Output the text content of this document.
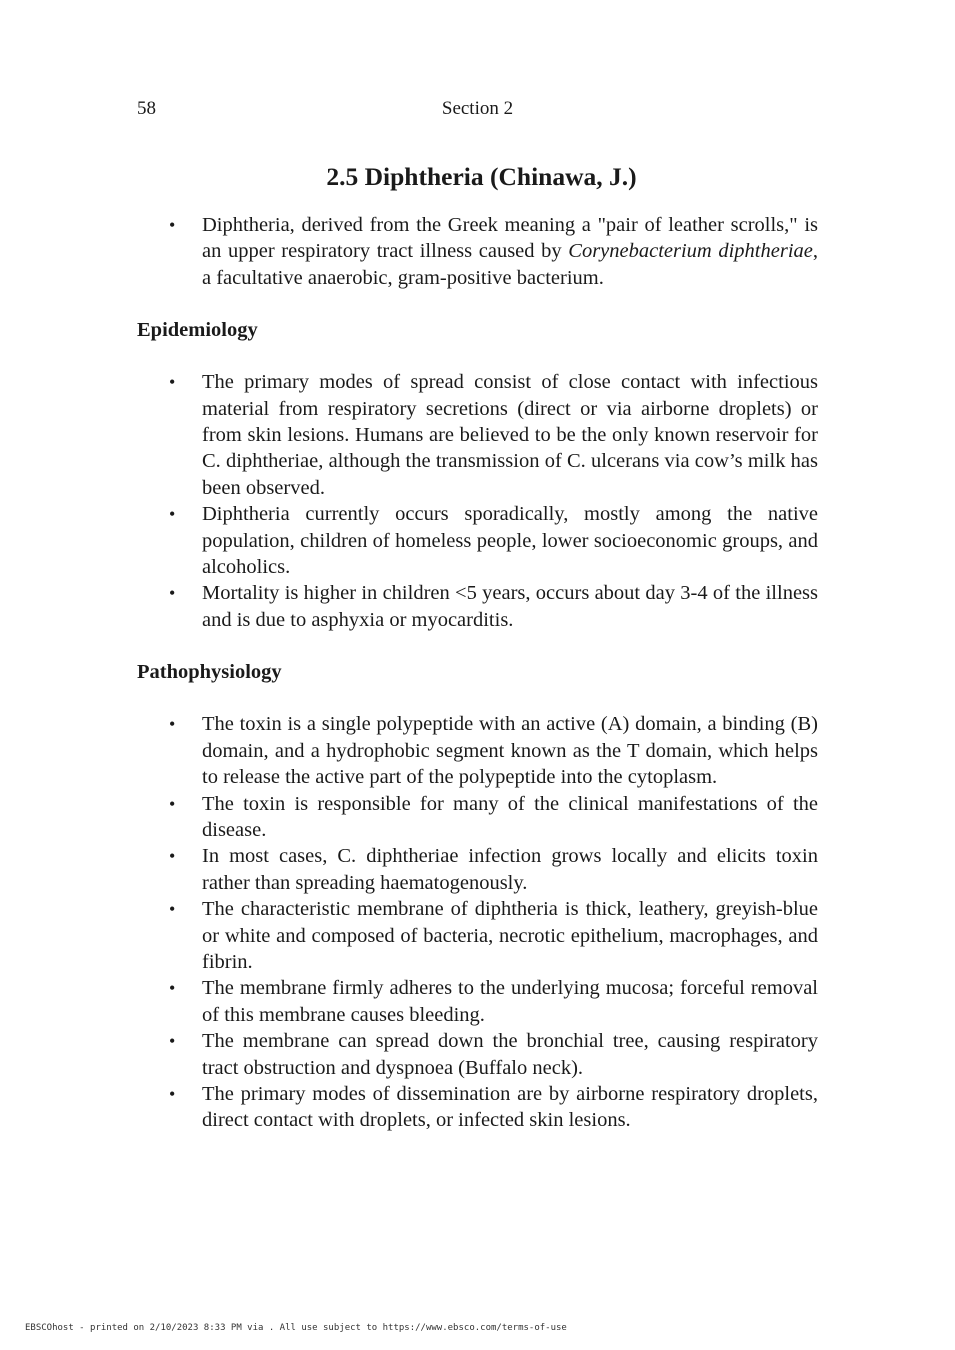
58	Section 2
2.5 Diphtheria (Chinawa, J.)
• Diphtheria, derived from the Greek meaning a "pair of leather scrolls," is an upper respiratory tract illness caused by Corynebacterium diphtheriae, a facultative anaerobic, gram-positive bacterium.
Epidemiology
• The primary modes of spread consist of close contact with infectious material from respiratory secretions (direct or via airborne droplets) or from skin lesions. Humans are believed to be the only known reservoir for C. diphtheriae, although the transmission of C. ulcerans via cow’s milk has been observed.
• Diphtheria currently occurs sporadically, mostly among the native population, children of homeless people, lower socioeconomic groups, and alcoholics.
• Mortality is higher in children <5 years, occurs about day 3-4 of the illness and is due to asphyxia or myocarditis.
Pathophysiology
• The toxin is a single polypeptide with an active (A) domain, a binding (B) domain, and a hydrophobic segment known as the T domain, which helps to release the active part of the polypeptide into the cytoplasm.
• The toxin is responsible for many of the clinical manifestations of the disease.
• In most cases, C. diphtheriae infection grows locally and elicits toxin rather than spreading haematogenously.
• The characteristic membrane of diphtheria is thick, leathery, greyish-blue or white and composed of bacteria, necrotic epithelium, macrophages, and fibrin.
• The membrane firmly adheres to the underlying mucosa; forceful removal of this membrane causes bleeding.
• The membrane can spread down the bronchial tree, causing respiratory tract obstruction and dyspnoea (Buffalo neck).
• The primary modes of dissemination are by airborne respiratory droplets, direct contact with droplets, or infected skin lesions.
EBSCOhost - printed on 2/10/2023 8:33 PM via . All use subject to https://www.ebsco.com/terms-of-use
